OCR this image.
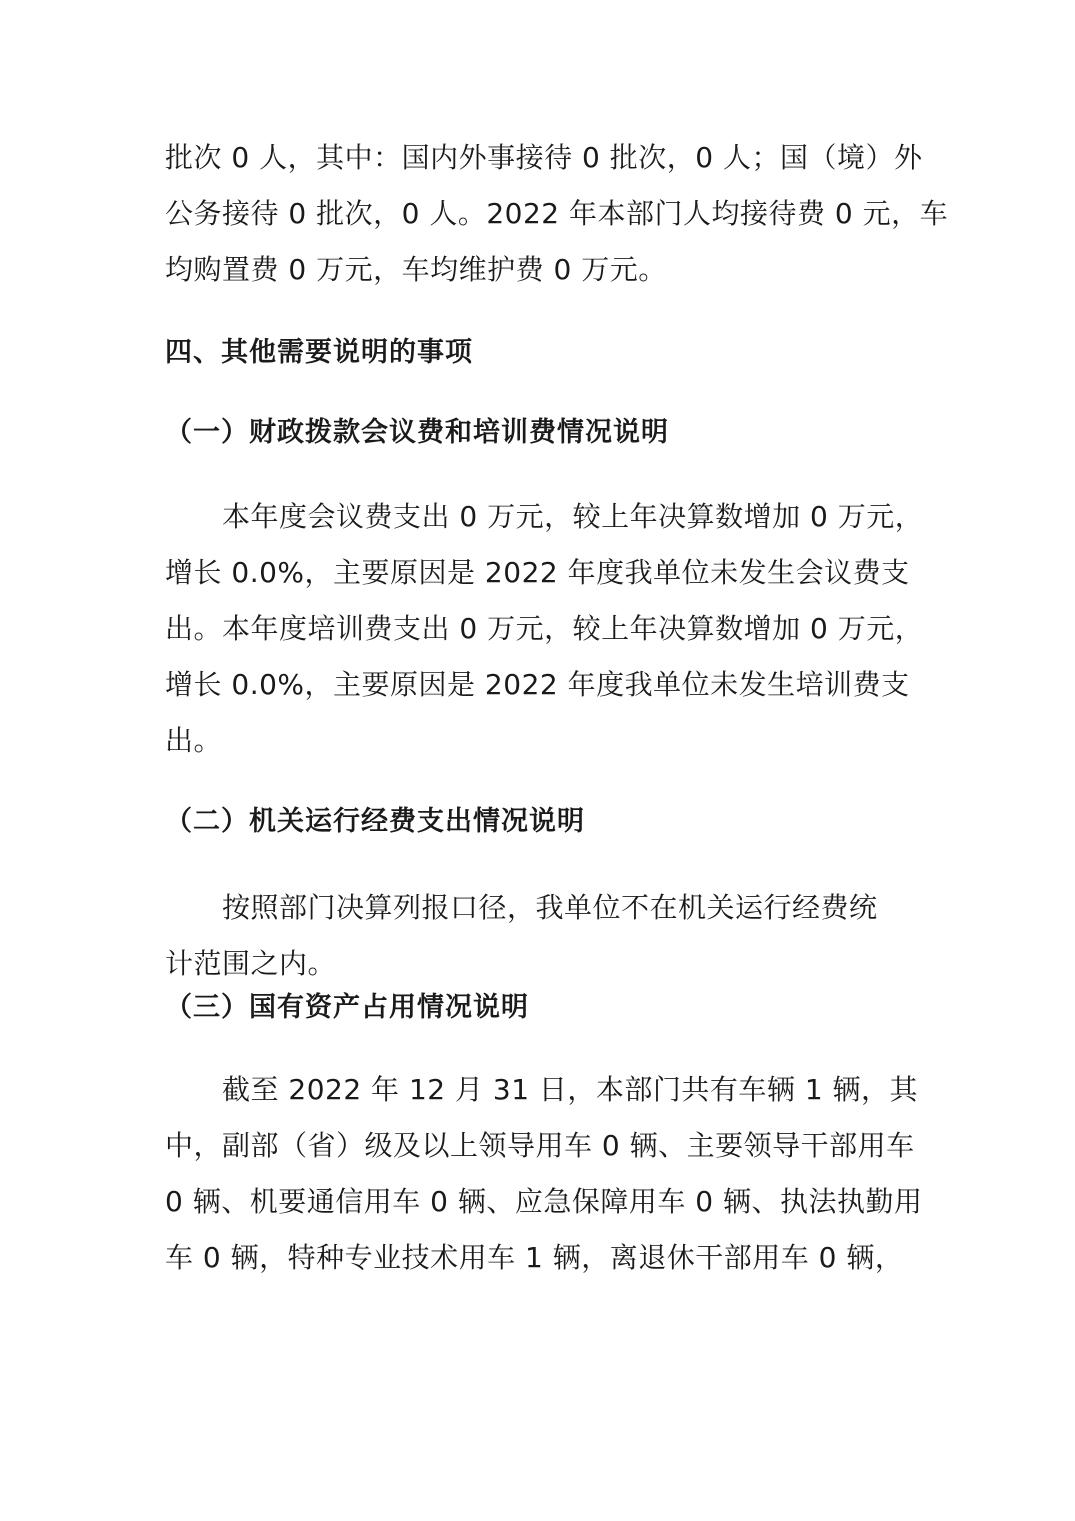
批次 0 人，其中：国内外事接待 0 批次，0 人；国（境）外
公务接待 0 批次，0 人。2022 年本部门人均接待费 0 元，车
均购置费 0 万元，车均维护费 0 万元。
四、其他需要说明的事项
（一）财政拨款会议费和培训费情况说明
本年度会议费支出 0 万元，较上年决算数增加 0 万元，
增长 0.0%，主要原因是 2022 年度我单位未发生会议费支
出。本年度培训费支出 0 万元，较上年决算数增加 0 万元，
增长 0.0%，主要原因是 2022 年度我单位未发生培训费支
出。
（二）机关运行经费支出情况说明
按照部门决算列报口径，我单位不在机关运行经费统
计范围之内。
（三）国有资产占用情况说明
截至 2022 年 12 月 31 日，本部门共有车辆 1 辆，其
中，副部（省）级及以上领导用车 0 辆、主要领导干部用车
0 辆、机要通信用车 0 辆、应急保障用车 0 辆、执法执勤用
车 0 辆，特种专业技术用车 1 辆，离退休干部用车 0 辆，
